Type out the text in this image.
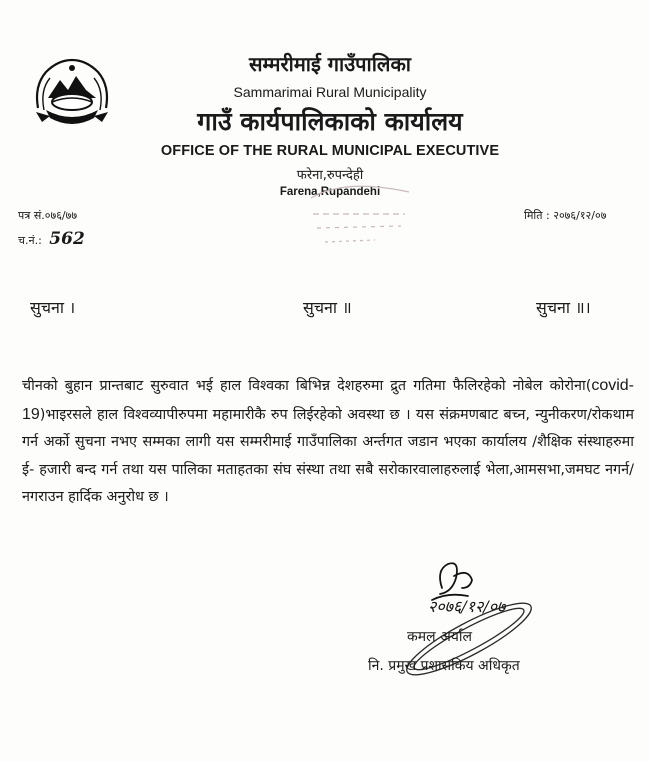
सम्मरीमाई गाउँपालिका
Sammarimai Rural Municipality
गाउँ कार्यपालिकाको कार्यालय
OFFICE OF THE RURAL MUNICIPAL EXECUTIVE
फरेना,रुपन्देही
Farena,Rupandehi
पत्र सं.०७६/७७	मिति : २०७६/१२/०७
च.नं.: 562
सुचना ।	सुचना ॥	सुचना ॥।
चीनको बुहान प्रान्तबाट सुरुवात भई हाल विश्वका बिभिन्न देशहरुमा द्रुत गतिमा फैलिरहेको नोबेल कोरोना(covid-19)भाइरसले हाल विश्वव्यापीरुपमा महामारीकै रुप लिईरहेको अवस्था छ । यस संक्रमणबाट बच्न, न्युनीकरण/रोकथाम गर्न अर्को सुचना नभए सम्मका लागी यस सम्मरीमाई गाउँपालिका अर्न्तगत जडान भएका कार्यालय /शैक्षिक संस्थाहरुमा ई- हजारी बन्द गर्न तथा यस पालिका मताहतका संघ संस्था तथा सबै सरोकारवालाहरुलाई भेला,आमसभा,जमघट नगर्न/नगराउन हार्दिक अनुरोध छ ।
२०७६/१२/०७
कमल अर्याल
नि. प्रमुख प्रशासकिय अधिकृत
